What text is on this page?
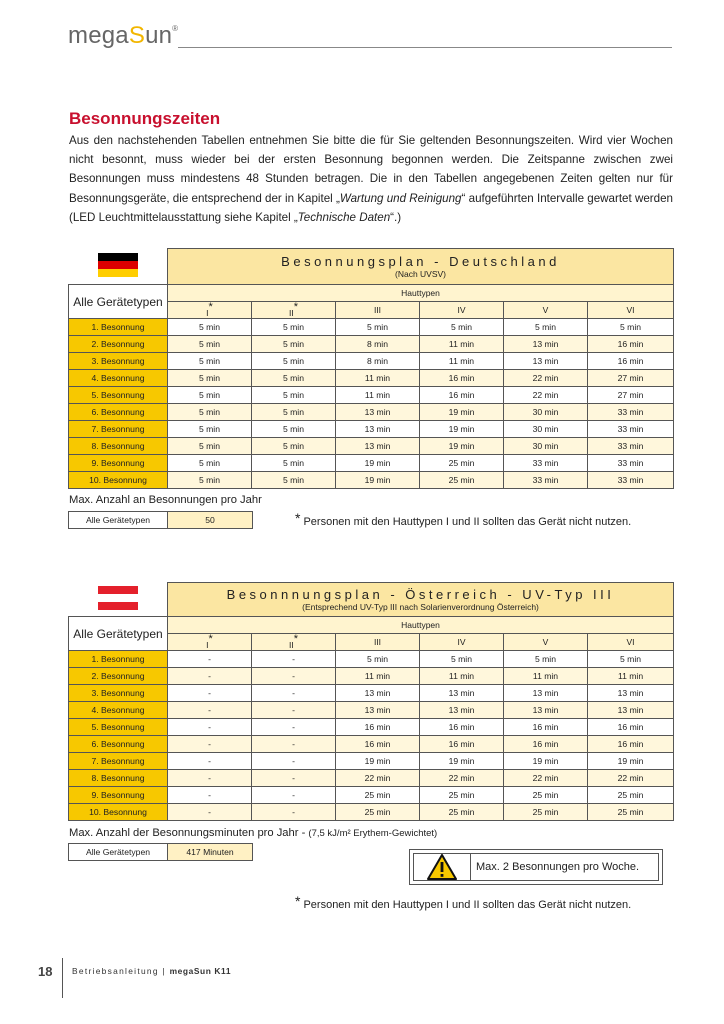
megaSun®
Besonnungszeiten
Aus den nachstehenden Tabellen entnehmen Sie bitte die für Sie geltenden Besonnungszeiten. Wird vier Wochen nicht besonnt, muss wieder bei der ersten Besonnung begonnen werden. Die Zeitspanne zwischen zwei Besonnungen muss mindestens 48 Stunden betragen. Die in den Tabellen angegebenen Zeiten gelten nur für Besonnungsgeräte, die entsprechend der in Kapitel „Wartung und Reinigung“ aufgeführten Intervalle gewartet werden (LED Leuchtmittelausstattung siehe Kapitel „Technische Daten“.)

	Besonnungsplan - Deutschland
(Nach UVSV)					

Alle Gerätetypen	Hauttypen					
	I*	II*	III	IV	V	VI
1. Besonnung	5 min	5 min	5 min	5 min	5 min	5 min
2. Besonnung	5 min	5 min	8 min	11 min	13 min	16 min
3. Besonnung	5 min	5 min	8 min	11 min	13 min	16 min
4. Besonnung	5 min	5 min	11 min	16 min	22 min	27 min
5. Besonnung	5 min	5 min	11 min	16 min	22 min	27 min
6. Besonnung	5 min	5 min	13 min	19 min	30 min	33 min
7. Besonnung	5 min	5 min	13 min	19 min	30 min	33 min
8. Besonnung	5 min	5 min	13 min	19 min	30 min	33 min
9. Besonnung	5 min	5 min	19 min	25 min	33 min	33 min
10. Besonnung	5 min	5 min	19 min	25 min	33 min	33 min
Max. Anzahl an Besonnungen pro Jahr
Alle Gerätetypen	50	* Personen mit den Hauttypen I und II sollten das Gerät nicht nutzen.

	Besonnnungsplan - Österreich - UV-Typ III
(Entsprechend UV-Typ III nach Solarienverordnung Österreich)					

Alle Gerätetypen	Hauttypen					
	I*	II*	III	IV	V	VI
1. Besonnung	-	-	5 min	5 min	5 min	5 min
2. Besonnung	-	-	11 min	11 min	11 min	11 min
3. Besonnung	-	-	13 min	13 min	13 min	13 min
4. Besonnung	-	-	13 min	13 min	13 min	13 min
5. Besonnung	-	-	16 min	16 min	16 min	16 min
6. Besonnung	-	-	16 min	16 min	16 min	16 min
7. Besonnung	-	-	19 min	19 min	19 min	19 min
8. Besonnung	-	-	22 min	22 min	22 min	22 min
9. Besonnung	-	-	25 min	25 min	25 min	25 min
10. Besonnung	-	-	25 min	25 min	25 min	25 min
Max. Anzahl der Besonnungsminuten pro Jahr - (7,5 kJ/m² Erythem-Gewichtet)
Alle Gerätetypen	417 Minuten
Max. 2 Besonnungen pro Woche.
* Personen mit den Hauttypen I und II sollten das Gerät nicht nutzen.
18 Betriebsanleitung | megaSun K11
